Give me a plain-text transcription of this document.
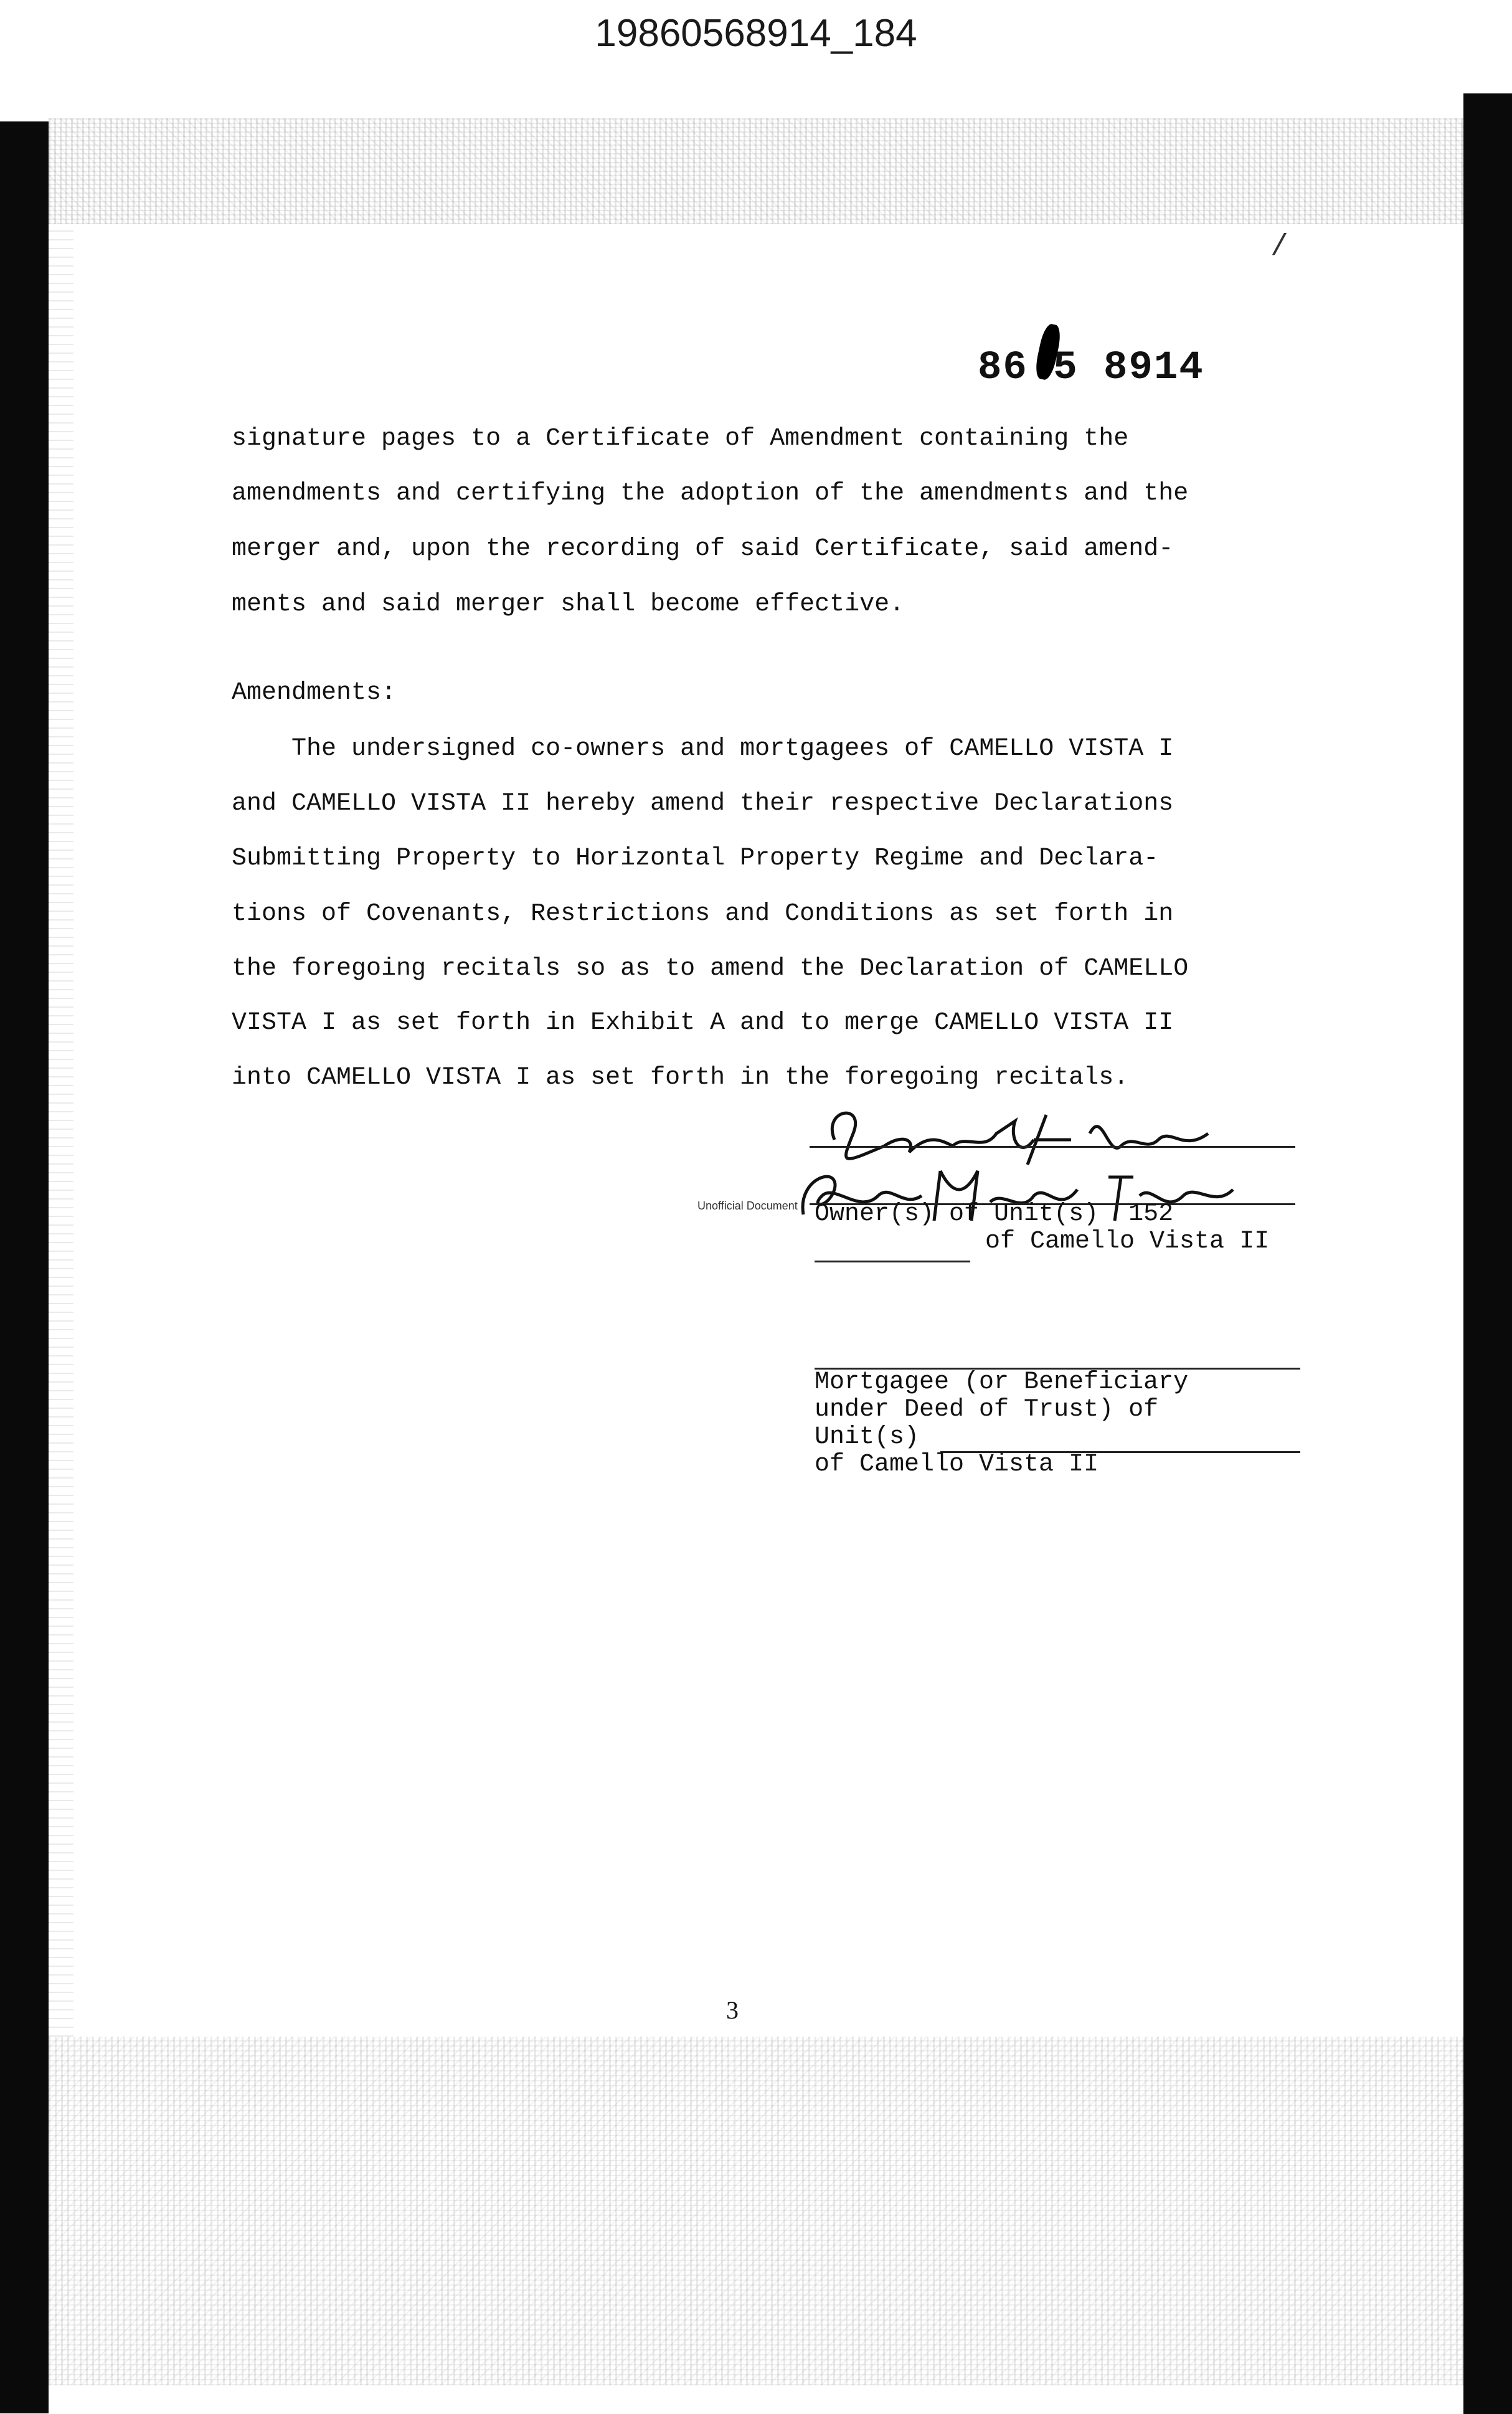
19860568914_184
/
86 5 8914
signature pages to a Certificate of Amendment containing the
amendments and certifying the adoption of the amendments and the
merger and, upon the recording of said Certificate, said amend-
ments and said merger shall become effective.
Amendments:
The undersigned co-owners and mortgagees of CAMELLO VISTA I
and CAMELLO VISTA II hereby amend their respective Declarations
Submitting Property to Horizontal Property Regime and Declara-
tions of Covenants, Restrictions and Conditions as set forth in
the foregoing recitals so as to amend the Declaration of CAMELLO
VISTA I as set forth in Exhibit A and to merge CAMELLO VISTA II
into CAMELLO VISTA I as set forth in the foregoing recitals.
Unofficial Document Owner(s) of Unit(s)  152
of Camello Vista II
Mortgagee (or Beneficiary
under Deed of Trust) of
Unit(s)
of Camello Vista II
3
